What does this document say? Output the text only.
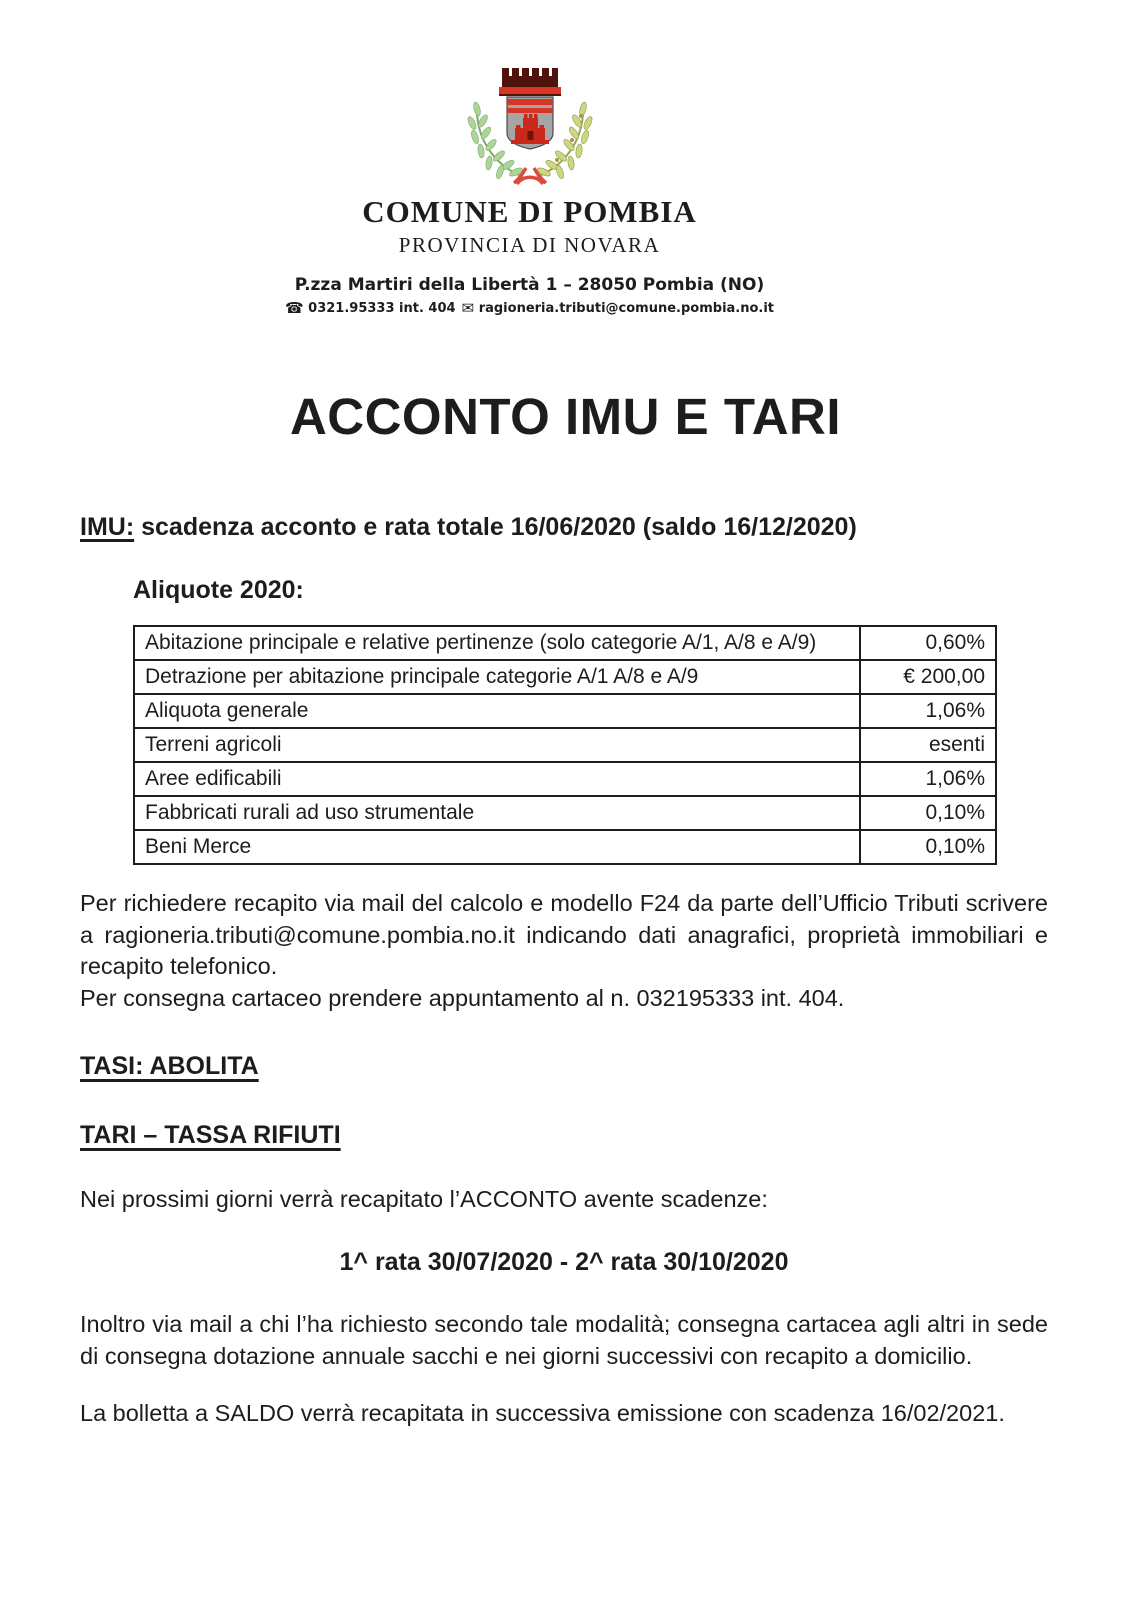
COMUNE DI POMBIA
PROVINCIA DI NOVARA
P.zza Martiri della Libertà 1 – 28050 Pombia (NO)
☎ 0321.95333 int. 404 ✉ ragioneria.tributi@comune.pombia.no.it
ACCONTO IMU E TARI
IMU: scadenza acconto e rata totale 16/06/2020 (saldo 16/12/2020)
Aliquote 2020:
Abitazione principale e relative pertinenze (solo categorie A/1, A/8 e A/9)	0,60%
Detrazione per abitazione principale categorie A/1 A/8 e A/9	€ 200,00
Aliquota generale	1,06%
Terreni agricoli	esenti
Aree edificabili	1,06%
Fabbricati rurali ad uso strumentale	0,10%
Beni Merce	0,10%
Per richiedere recapito via mail del calcolo e modello F24 da parte dell’Ufficio Tributi scrivere a ragioneria.tributi@comune.pombia.no.it indicando dati anagrafici, proprietà immobiliari e recapito telefonico.
Per consegna cartaceo prendere appuntamento al n. 032195333 int. 404.
TASI: ABOLITA
TARI – TASSA RIFIUTI
Nei prossimi giorni verrà recapitato l’ACCONTO avente scadenze:
1^ rata 30/07/2020 - 2^ rata 30/10/2020
Inoltro via mail a chi l’ha richiesto secondo tale modalità; consegna cartacea agli altri in sede di consegna dotazione annuale sacchi e nei giorni successivi con recapito a domicilio.
La bolletta a SALDO verrà recapitata in successiva emissione con scadenza 16/02/2021.
